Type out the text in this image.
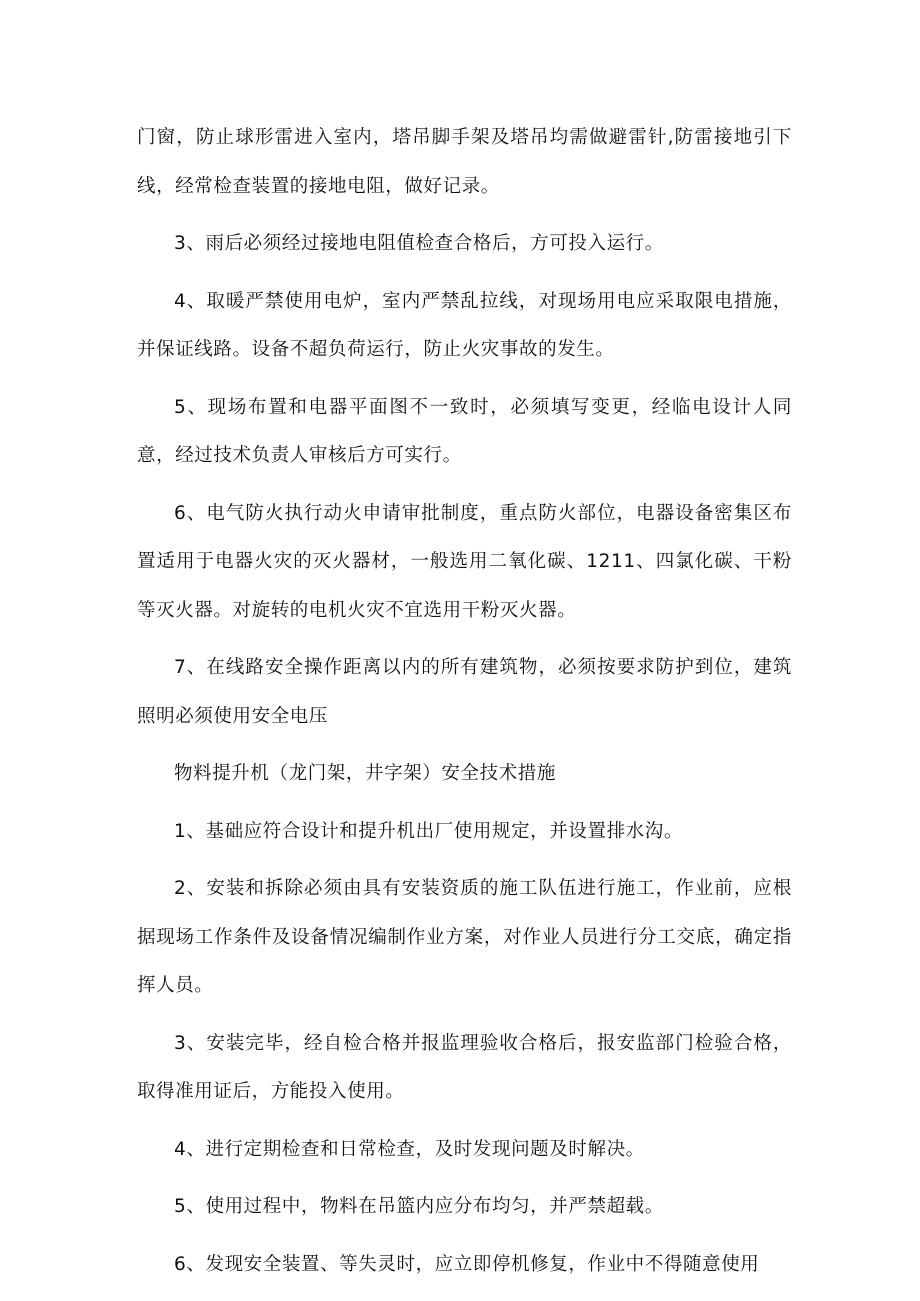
门窗，防止球形雷进入室内，塔吊脚手架及塔吊均需做避雷针,防雷接地引下线，经常检查装置的接地电阻，做好记录。

3、雨后必须经过接地电阻值检查合格后，方可投入运行。

4、取暖严禁使用电炉，室内严禁乱拉线，对现场用电应采取限电措施，并保证线路。设备不超负荷运行，防止火灾事故的发生。

5、现场布置和电器平面图不一致时，必须填写变更，经临电设计人同意，经过技术负责人审核后方可实行。

6、电气防火执行动火申请审批制度，重点防火部位，电器设备密集区布置适用于电器火灾的灭火器材，一般选用二氧化碳、1211、四氯化碳、干粉等灭火器。对旋转的电机火灾不宜选用干粉灭火器。

7、在线路安全操作距离以内的所有建筑物，必须按要求防护到位，建筑照明必须使用安全电压

物料提升机（龙门架，井字架）安全技术措施

1、基础应符合设计和提升机出厂使用规定，并设置排水沟。

2、安装和拆除必须由具有安装资质的施工队伍进行施工，作业前，应根据现场工作条件及设备情况编制作业方案，对作业人员进行分工交底，确定指挥人员。

3、安装完毕，经自检合格并报监理验收合格后，报安监部门检验合格，取得准用证后，方能投入使用。

4、进行定期检查和日常检查，及时发现问题及时解决。

5、使用过程中，物料在吊篮内应分布均匀，并严禁超载。

6、发现安全装置、等失灵时，应立即停机修复，作业中不得随意使用
